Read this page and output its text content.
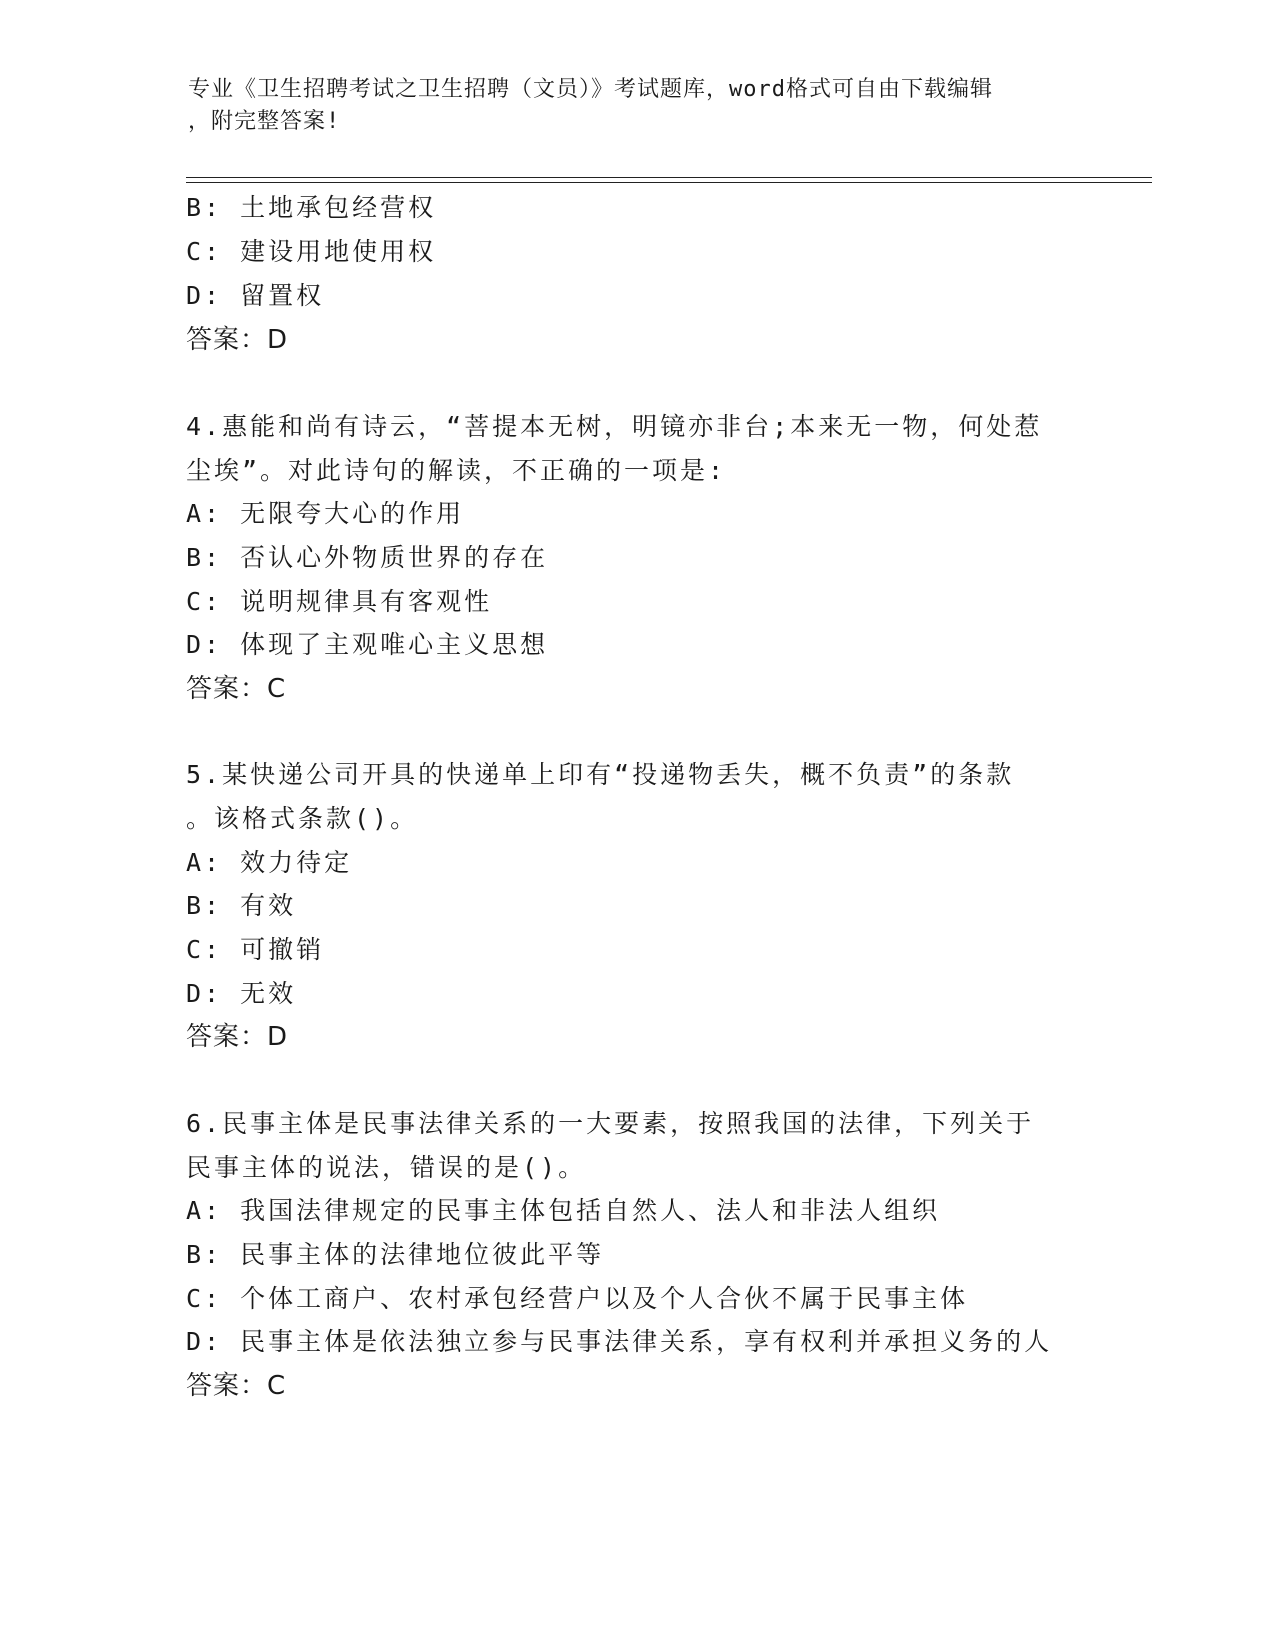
专业《卫生招聘考试之卫生招聘（文员）》考试题库，word格式可自由下载编辑
，附完整答案!
B: 土地承包经营权
C: 建设用地使用权
D: 留置权
答案：D
4.惠能和尚有诗云，“菩提本无树，明镜亦非台;本来无一物，何处惹
尘埃”。对此诗句的解读，不正确的一项是:
A: 无限夸大心的作用
B: 否认心外物质世界的存在
C: 说明规律具有客观性
D: 体现了主观唯心主义思想
答案：C
5.某快递公司开具的快递单上印有“投递物丢失，概不负责”的条款
。该格式条款()。
A: 效力待定
B: 有效
C: 可撤销
D: 无效
答案：D
6.民事主体是民事法律关系的一大要素，按照我国的法律，下列关于
民事主体的说法，错误的是()。
A: 我国法律规定的民事主体包括自然人、法人和非法人组织
B: 民事主体的法律地位彼此平等
C: 个体工商户、农村承包经营户以及个人合伙不属于民事主体
D: 民事主体是依法独立参与民事法律关系，享有权利并承担义务的人
答案：C
